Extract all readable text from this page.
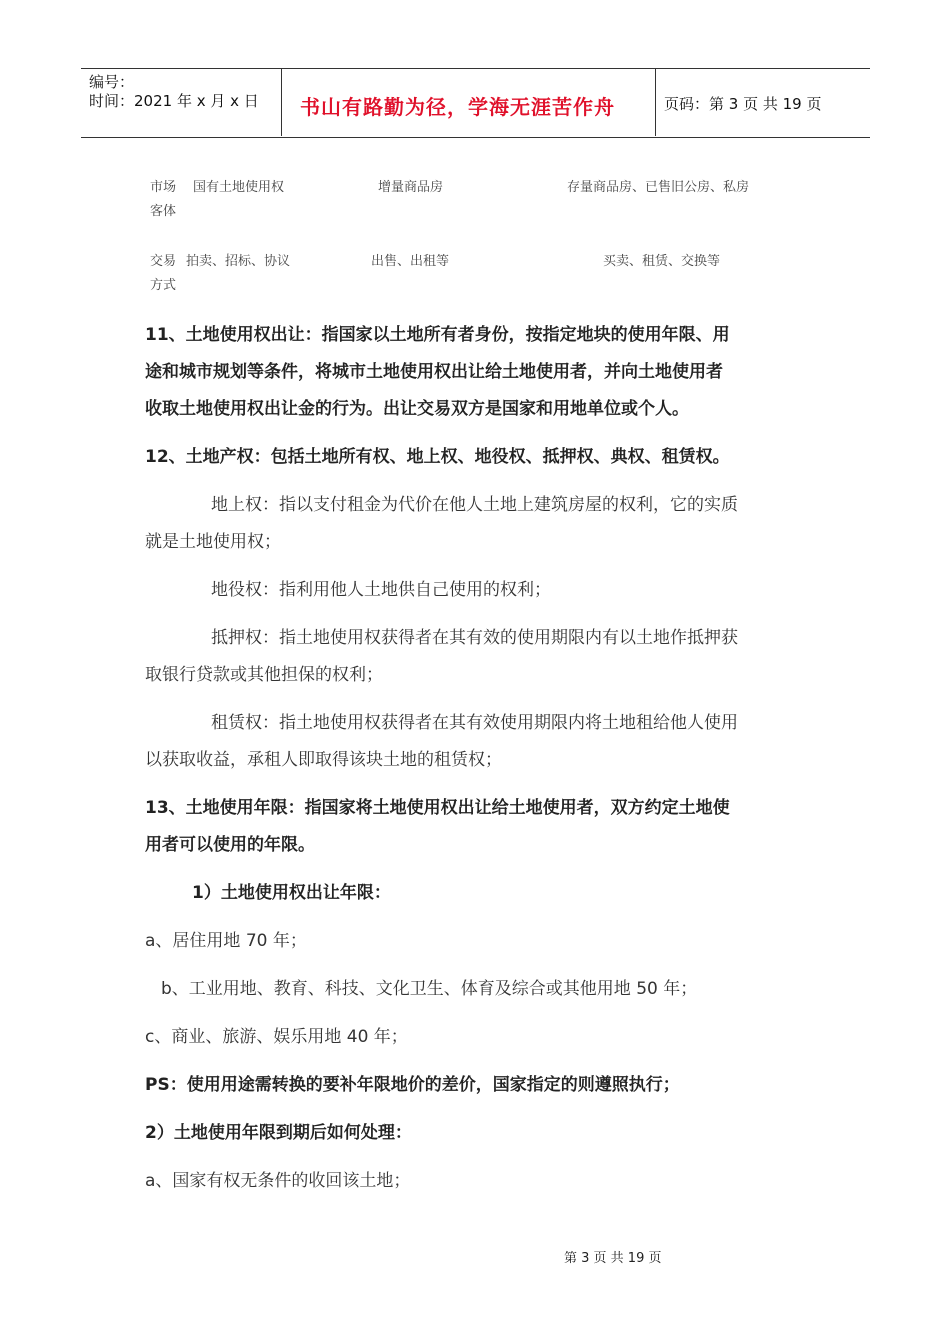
编号：
时间：2021 年 x 月 x 日 书山有路勤为径，学海无涯苦作舟	页码：第 3 页 共 19 页
市场
客体
国有土地使用权	增量商品房	存量商品房、已售旧公房、私房
交易
方式
拍卖、招标、协议	出售、出租等	买卖、租赁、交换等
11、土地使用权出让：指国家以土地所有者身份，按指定地块的使用年限、用
途和城市规划等条件，将城市土地使用权出让给土地使用者，并向土地使用者
收取土地使用权出让金的行为。出让交易双方是国家和用地单位或个人。
12、土地产权：包括土地所有权、地上权、地役权、抵押权、典权、租赁权。
地上权：指以支付租金为代价在他人土地上建筑房屋的权利，它的实质
就是土地使用权；
地役权：指利用他人土地供自己使用的权利；
抵押权：指土地使用权获得者在其有效的使用期限内有以土地作抵押获
取银行贷款或其他担保的权利；
租赁权：指土地使用权获得者在其有效使用期限内将土地租给他人使用
以获取收益，承租人即取得该块土地的租赁权；
13、土地使用年限：指国家将土地使用权出让给土地使用者，双方约定土地使
用者可以使用的年限。
1）土地使用权出让年限：
a、居住用地 70 年；
b、工业用地、教育、科技、文化卫生、体育及综合或其他用地 50 年；
c、商业、旅游、娱乐用地 40 年；
PS：使用用途需转换的要补年限地价的差价，国家指定的则遵照执行；
2）土地使用年限到期后如何处理：
a、国家有权无条件的收回该土地；
第 3 页 共 19 页
